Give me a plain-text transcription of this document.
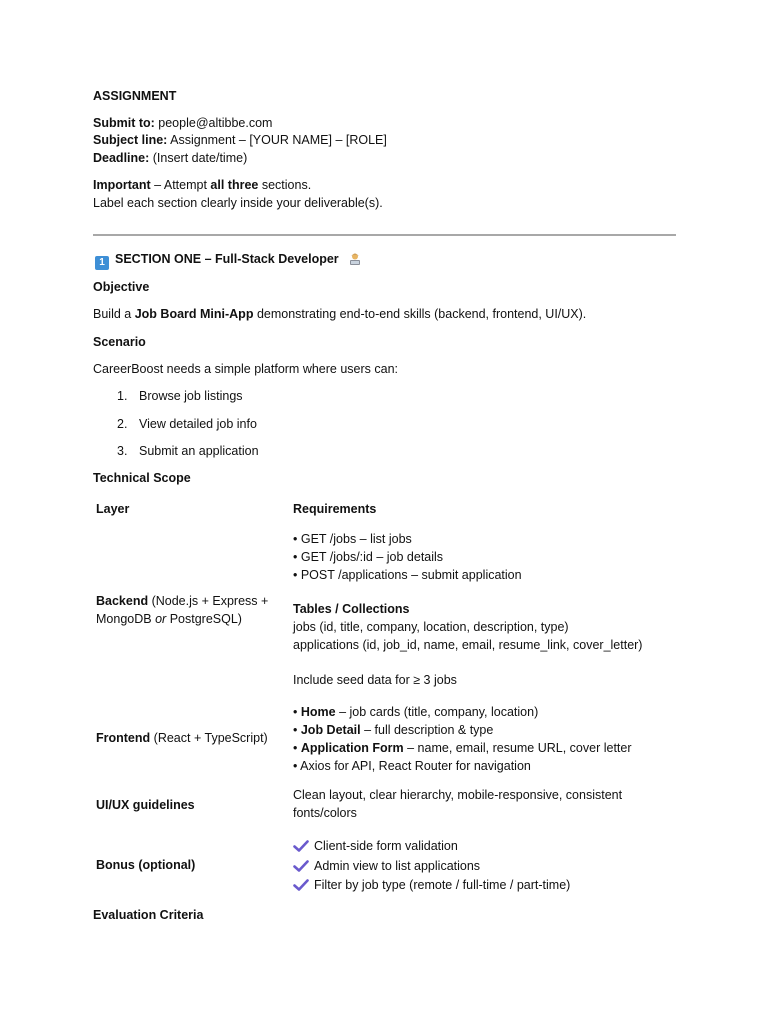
ASSIGNMENT
Submit to: people@altibbe.com
Subject line: Assignment – [YOUR NAME] – [ROLE]
Deadline: (Insert date/time)
Important – Attempt all three sections.
Label each section clearly inside your deliverable(s).
1 SECTION ONE – Full-Stack Developer
Objective
Build a Job Board Mini-App demonstrating end-to-end skills (backend, frontend, UI/UX).
Scenario
CareerBoost needs a simple platform where users can:
1. Browse job listings
2. View detailed job info
3. Submit an application
Technical Scope
Layer	Requirements
Backend (Node.js + Express +
MongoDB or PostgreSQL)
• GET /jobs – list jobs
• GET /jobs/:id – job details
• POST /applications – submit application
Tables / Collections
jobs (id, title, company, location, description, type)
applications (id, job_id, name, email, resume_link, cover_letter)
Include seed data for ≥ 3 jobs
Frontend (React + TypeScript)
• Home – job cards (title, company, location)
• Job Detail – full description & type
• Application Form – name, email, resume URL, cover letter
• Axios for API, React Router for navigation
UI/UX guidelines
Clean layout, clear hierarchy, mobile-responsive, consistent
fonts/colors
Bonus (optional)
Client-side form validation
Admin view to list applications
Filter by job type (remote / full-time / part-time)
Evaluation Criteria
